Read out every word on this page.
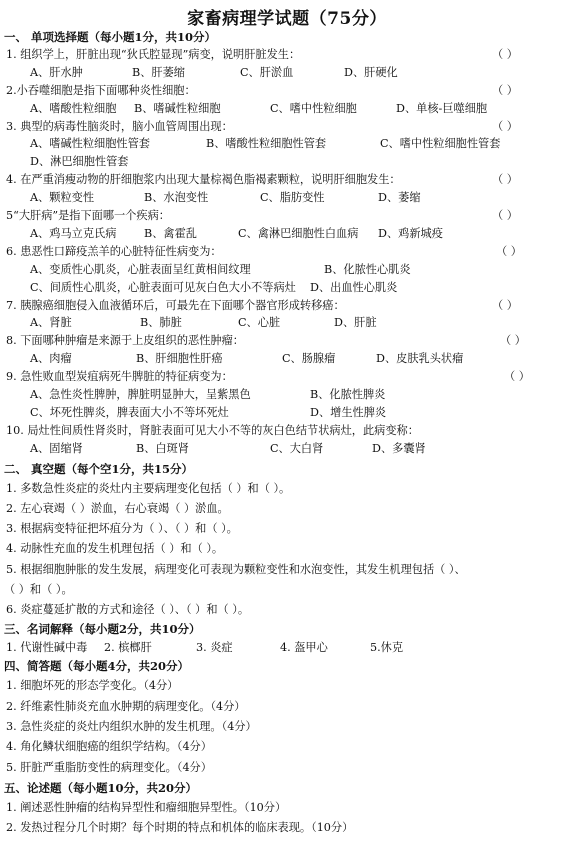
家畜病理学试题（75分）
一、 单项选择题（每小题1分，共10分）
1. 组织学上，肝脏出现“狄氏腔显现”病变，说明肝脏发生：	（ ）
A、肝水肿	B、肝萎缩	C、肝淤血	D、肝硬化
2.小吞噬细胞是指下面哪种炎性细胞：	（ ）
A、嗜酸性粒细胞 B、嗜碱性粒细胞	C、嗜中性粒细胞	D、单核-巨噬细胞
3. 典型的病毒性脑炎时，脑小血管周围出现：	（ ）
A、嗜碱性粒细胞性管套	B、嗜酸性粒细胞性管套	C、嗜中性粒细胞性管套
D、淋巴细胞性管套
4. 在严重消瘦动物的肝细胞浆内出现大量棕褐色脂褐素颗粒，说明肝细胞发生：	（ ）
A、颗粒变性	B、水泡变性	C、脂肪变性	D、萎缩
5“大肝病”是指下面哪一个疾病：	（ ）
A、鸡马立克氏病 B、禽霍乱	C、禽淋巴细胞性白血病 D、鸡新城疫
6. 患恶性口蹄疫羔羊的心脏特征性病变为：	（ ）
A、变质性心肌炎，心脏表面呈红黄相间纹理	B、化脓性心肌炎
C、间质性心肌炎，心脏表面可见灰白色大小不等病灶 D、出血性心肌炎
7. 胰腺癌细胞侵入血液循环后，可最先在下面哪个器官形成转移癌：	（ ）
A、肾脏	B、肺脏	C、心脏	D、肝脏
8. 下面哪种肿瘤是来源于上皮组织的恶性肿瘤：	（ ）
A、肉瘤	B、肝细胞性肝癌	C、肠腺瘤	D、皮肤乳头状瘤
9. 急性败血型炭疽病死牛脾脏的特征病变为：	（ ）
A、急性炎性脾肿，脾脏明显肿大，呈紫黑色	B、化脓性脾炎
C、坏死性脾炎，脾表面大小不等坏死灶	D、增生性脾炎
10. 局灶性间质性肾炎时，肾脏表面可见大小不等的灰白色结节状病灶，此病变称：
A、固缩肾	B、白斑肾	C、大白肾	D、多囊肾
二、 真空题（每个空1分，共15分）
1. 多数急性炎症的炎灶内主要病理变化包括（ ）和（ ）。
2. 左心衰竭（ ）淤血，右心衰竭（ ）淤血。
3. 根据病变特征把坏疽分为（ ）、（ ）和（ ）。
4. 动脉性充血的发生机理包括（ ）和（ ）。
5. 根据细胞肿胀的发生发展，病理变化可表现为颗粒变性和水泡变性，其发生机理包括（ ）、
（ ）和（ ）。
6. 炎症蔓延扩散的方式和途径（ ）、（ ）和（ ）。
三、名词解释（每小题2分，共10分）
1. 代谢性碱中毒 2. 槟榔肝	3. 炎症	4. 盔甲心	5.休克
四、简答题（每小题4分，共20分）
1. 细胞坏死的形态学变化。（4分）
2. 纤维素性肺炎充血水肿期的病理变化。（4分）
3. 急性炎症的炎灶内组织水肿的发生机理。（4分）
4. 角化鳞状细胞癌的组织学结构。（4分）
5. 肝脏严重脂肪变性的病理变化。（4分）
五、论述题（每小题10分，共20分）
1. 阐述恶性肿瘤的结构异型性和瘤细胞异型性。（10分）
2. 发热过程分几个时期？每个时期的特点和机体的临床表现。（10分）
